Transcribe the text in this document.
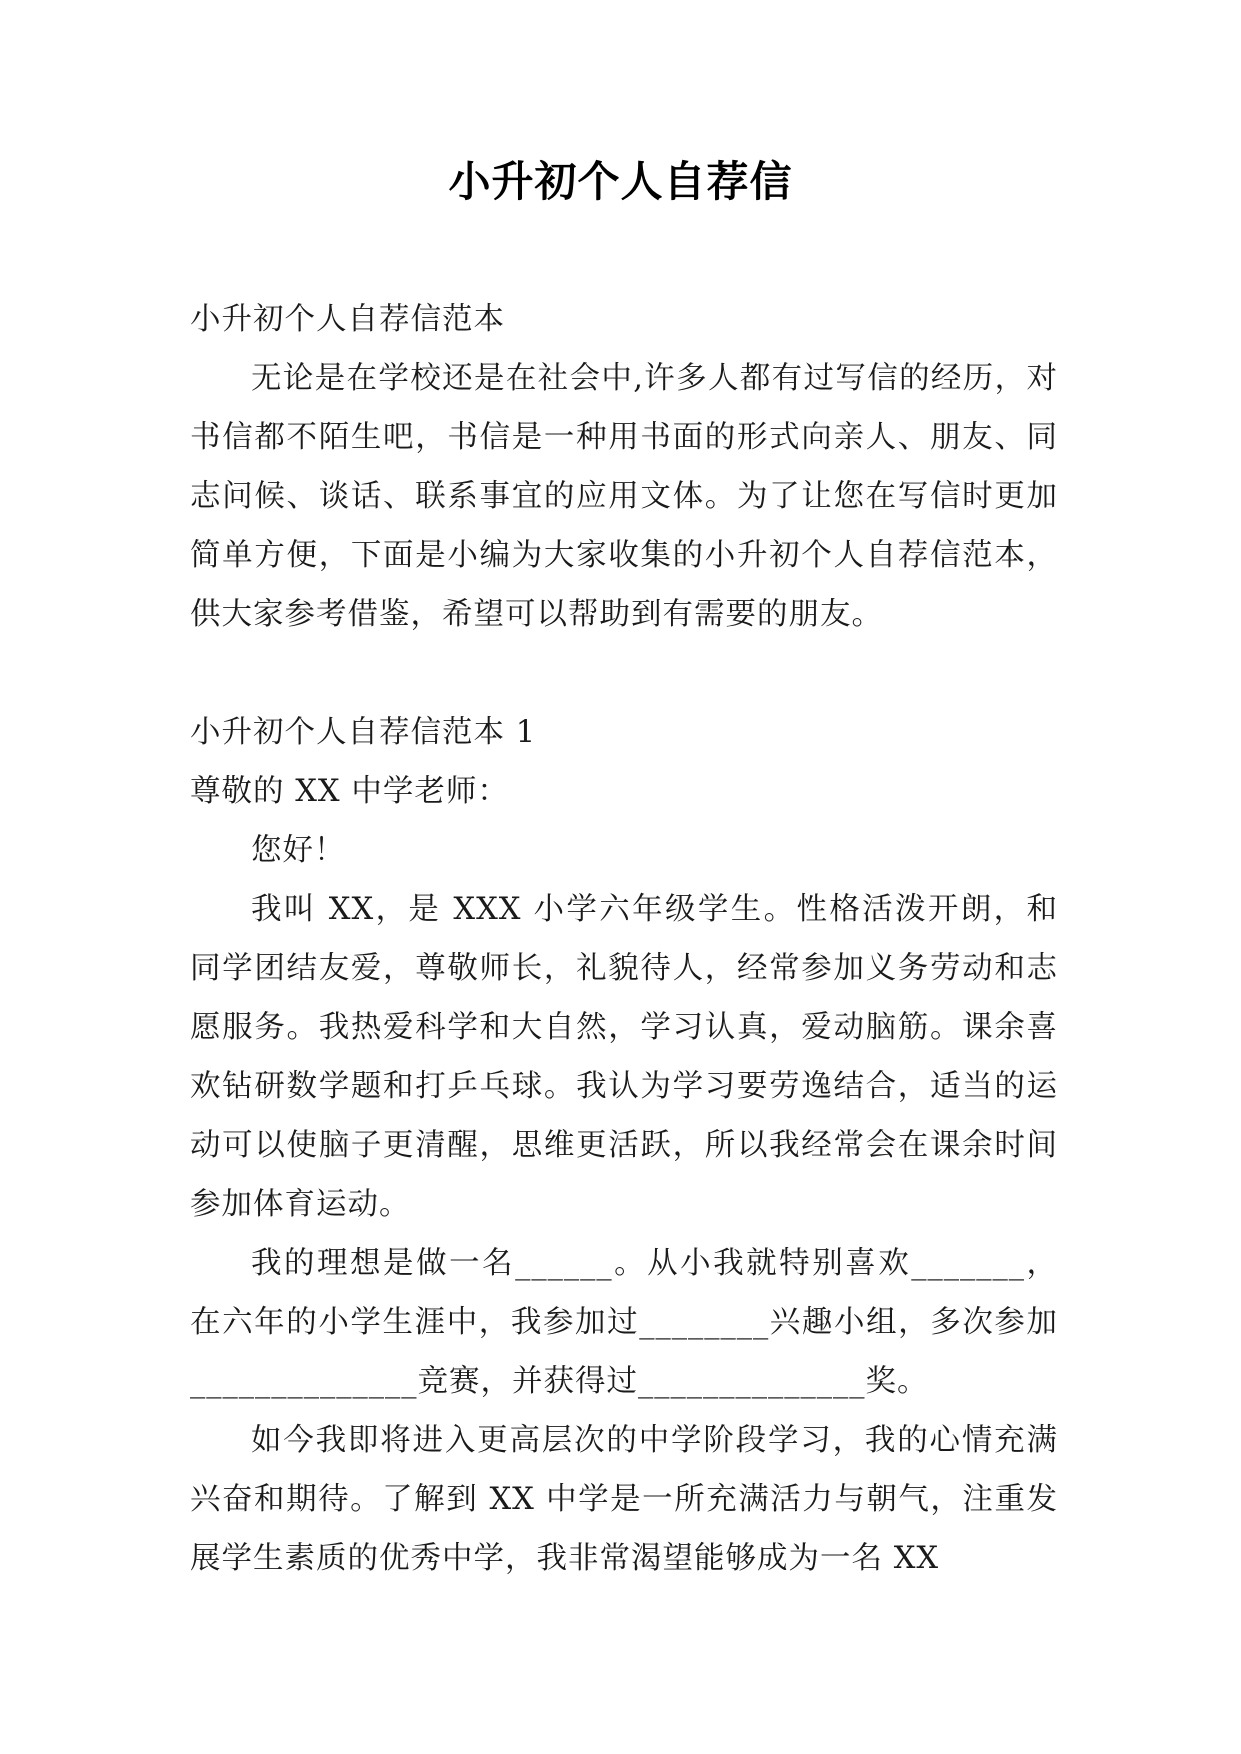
小升初个人自荐信

小升初个人自荐信范本

无论是在学校还是在社会中,许多人都有过写信的经历，对书信都不陌生吧，书信是一种用书面的形式向亲人、朋友、同志问候、谈话、联系事宜的应用文体。为了让您在写信时更加简单方便，下面是小编为大家收集的小升初个人自荐信范本，供大家参考借鉴，希望可以帮助到有需要的朋友。

小升初个人自荐信范本 1

尊敬的 XX 中学老师：

您好！

我叫 XX，是 XXX 小学六年级学生。性格活泼开朗，和同学团结友爱，尊敬师长，礼貌待人，经常参加义务劳动和志愿服务。我热爱科学和大自然，学习认真，爱动脑筋。课余喜欢钻研数学题和打乒乓球。我认为学习要劳逸结合，适当的运动可以使脑子更清醒，思维更活跃，所以我经常会在课余时间参加体育运动。

我的理想是做一名______。从小我就特别喜欢_______，在六年的小学生涯中，我参加过________兴趣小组，多次参加______________竞赛，并获得过______________奖。

如今我即将进入更高层次的中学阶段学习，我的心情充满兴奋和期待。了解到 XX 中学是一所充满活力与朝气，注重发展学生素质的优秀中学，我非常渴望能够成为一名 XX
